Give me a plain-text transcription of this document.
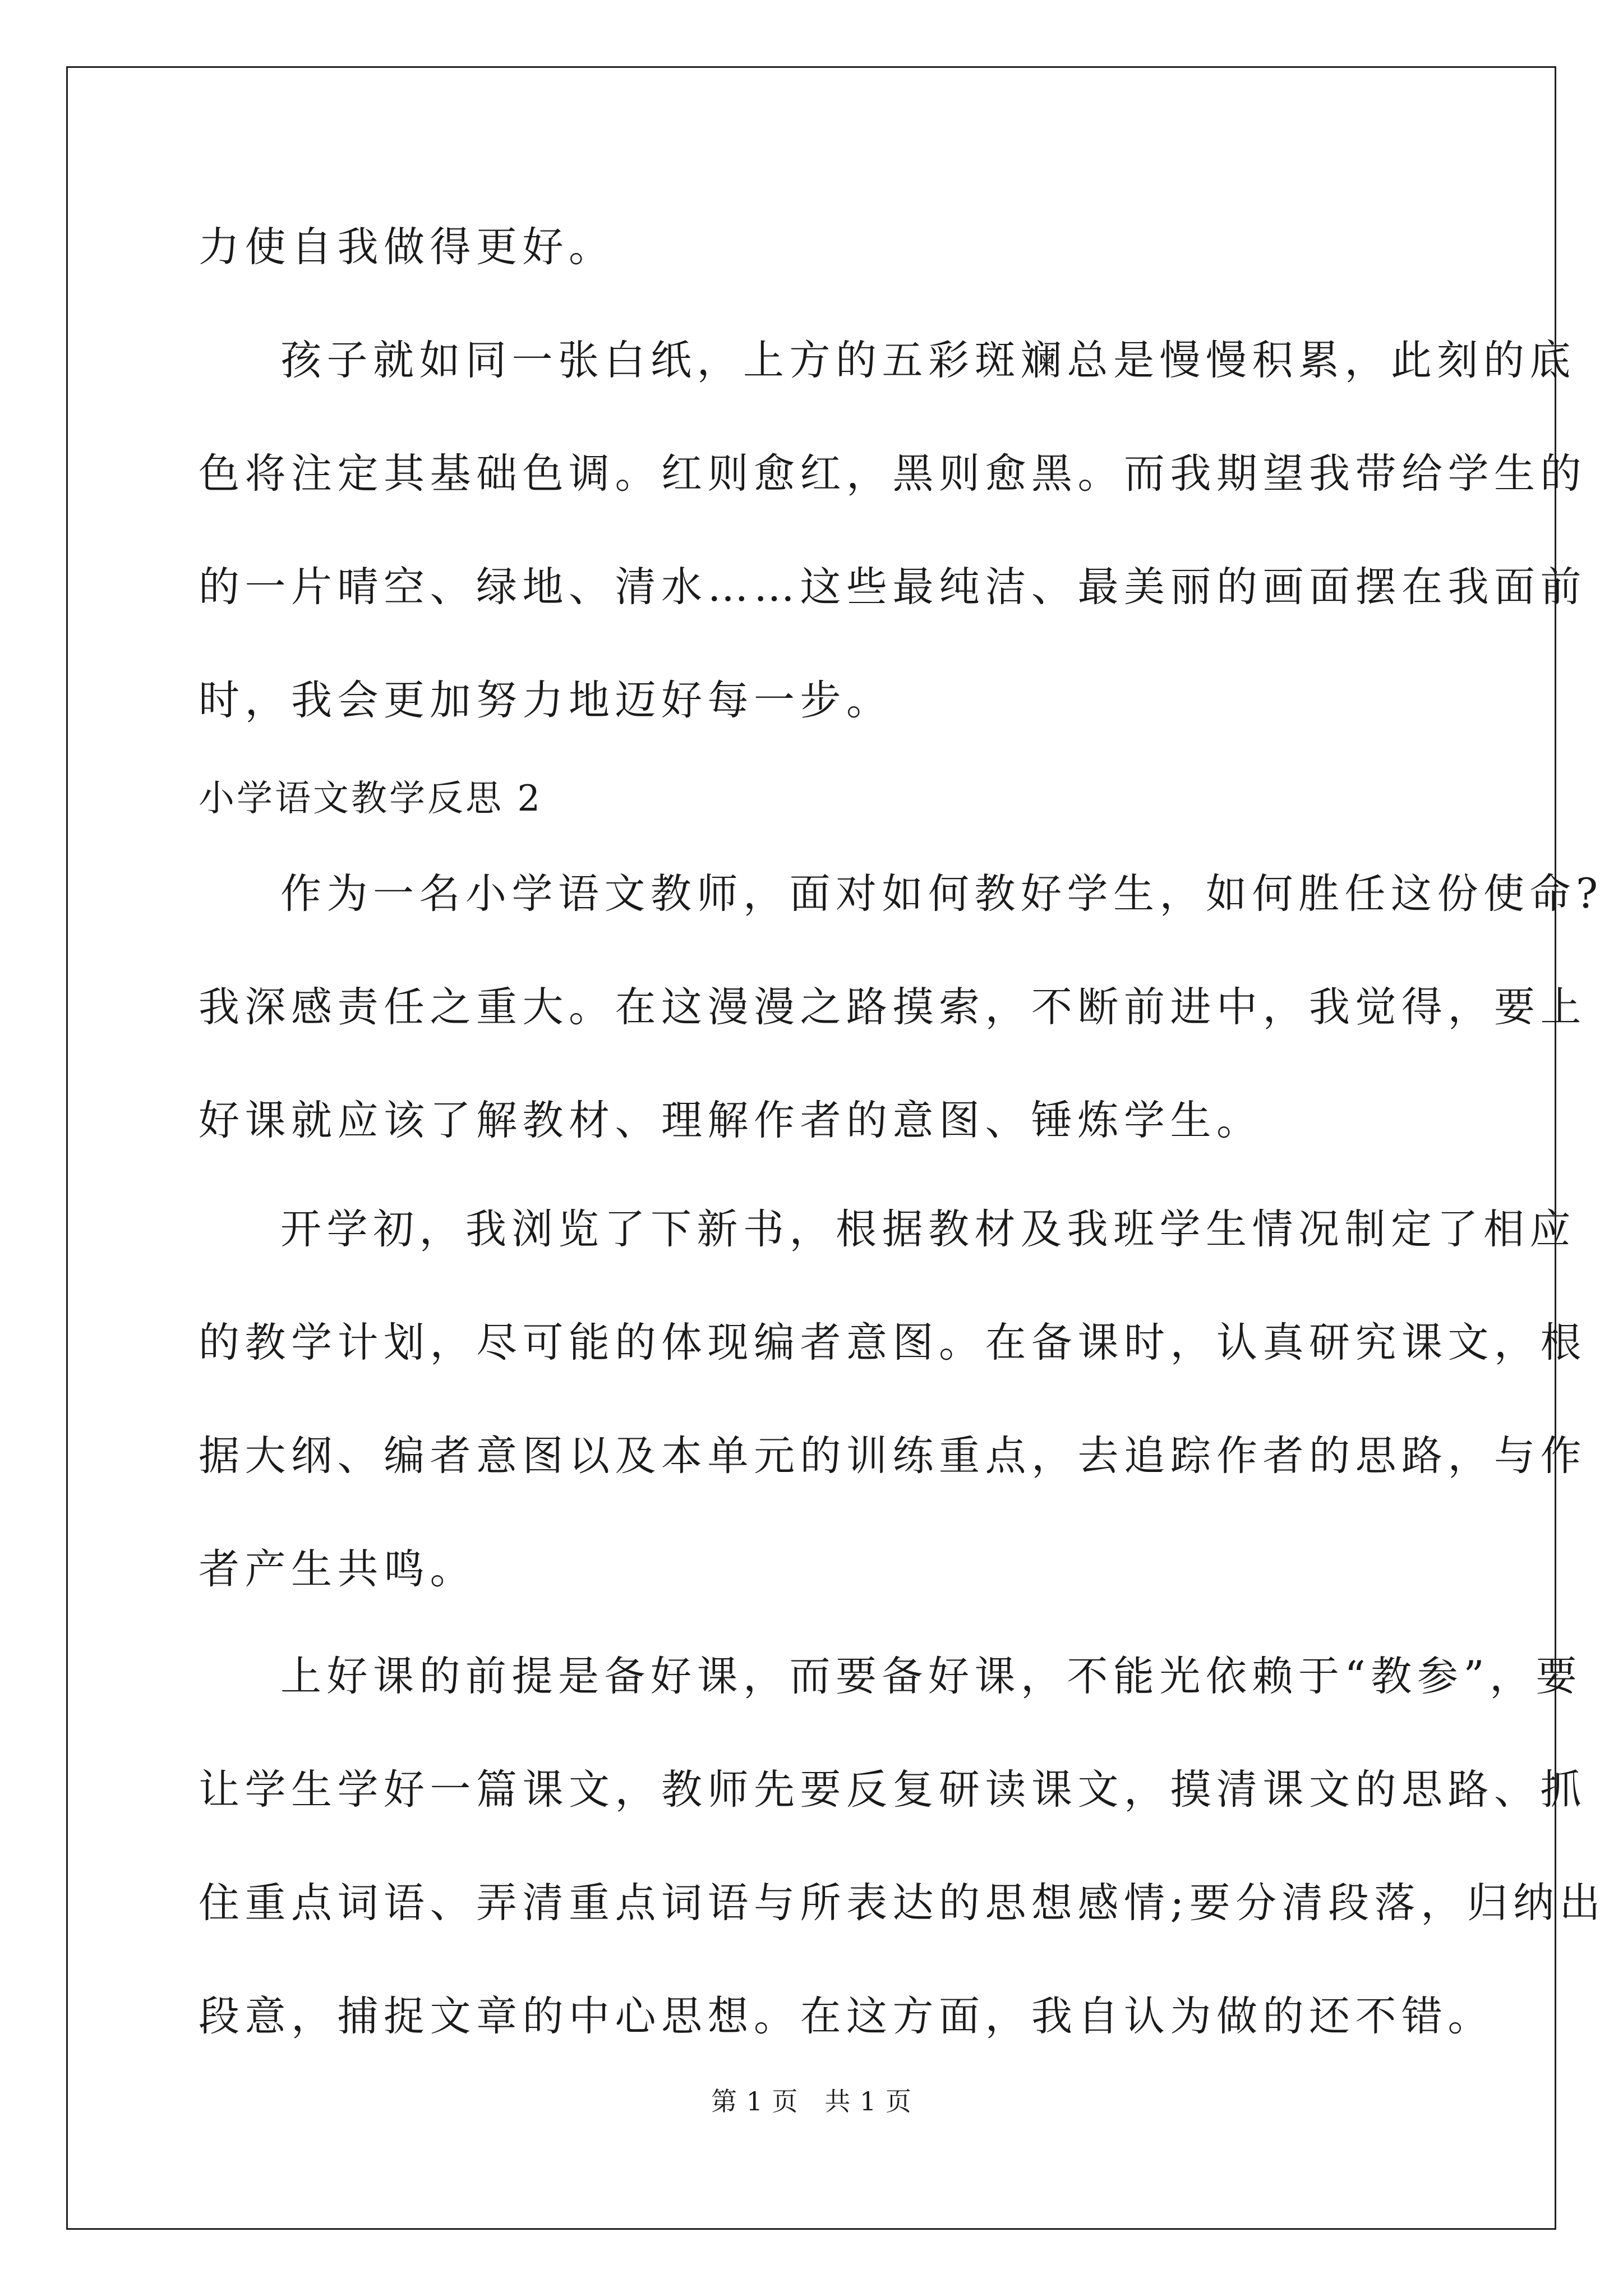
力使自我做得更好。
孩子就如同一张白纸，上方的五彩斑斓总是慢慢积累，此刻的底
色将注定其基础色调。红则愈红，黑则愈黑。而我期望我带给学生的
的一片晴空、绿地、清水……这些最纯洁、最美丽的画面摆在我面前
时，我会更加努力地迈好每一步。
小学语文教学反思 2
作为一名小学语文教师，面对如何教好学生，如何胜任这份使命?
我深感责任之重大。在这漫漫之路摸索，不断前进中，我觉得，要上
好课就应该了解教材、理解作者的意图、锤炼学生。
开学初，我浏览了下新书，根据教材及我班学生情况制定了相应
的教学计划，尽可能的体现编者意图。在备课时，认真研究课文，根
据大纲、编者意图以及本单元的训练重点，去追踪作者的思路，与作
者产生共鸣。
上好课的前提是备好课，而要备好课，不能光依赖于“教参”，要
让学生学好一篇课文，教师先要反复研读课文，摸清课文的思路、抓
住重点词语、弄清重点词语与所表达的思想感情;要分清段落，归纳出
段意，捕捉文章的中心思想。在这方面，我自认为做的还不错。
第 1 页   共 1 页
